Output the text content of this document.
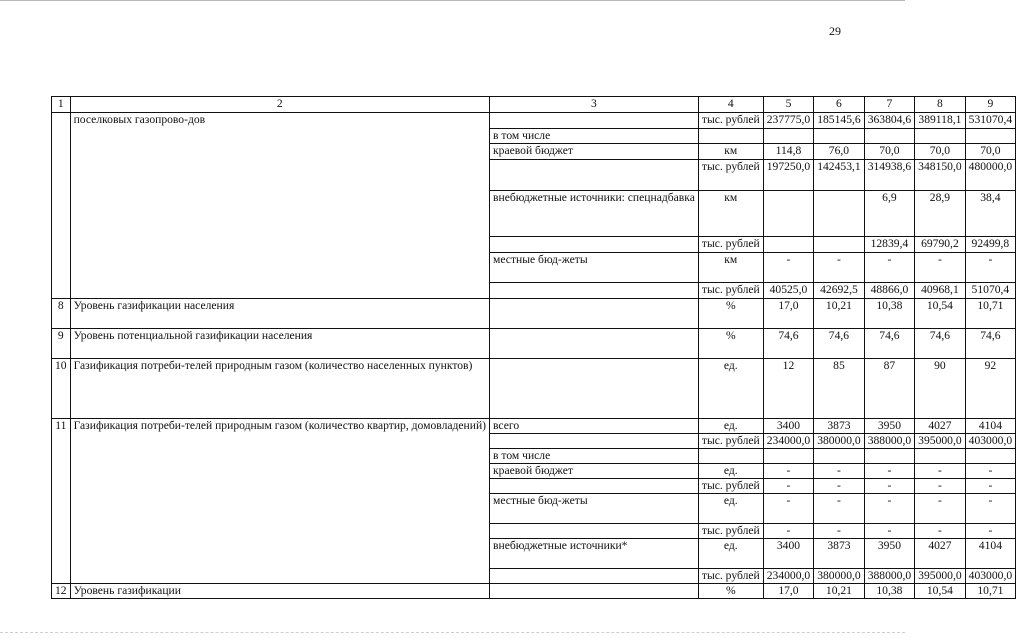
29
1	2	3	4	5	6	7	8	9
	поселковых газопрово-дов		тыс. рублей	237775,0	185145,6	363804,6	389118,1	531070,4
		в том числе						
		краевой бюджет	км	114,8	76,0	70,0	70,0	70,0
			тыс. рублей	197250,0	142453,1	314938,6	348150,0	480000,0
		внебюджетные источники: спецнадбавка	км			6,9	28,9	38,4
			тыс. рублей			12839,4	69790,2	92499,8
		местные бюд-жеты	км	-	-	-	-	-
			тыс. рублей	40525,0	42692,5	48866,0	40968,1	51070,4
8	Уровень газификации населения		%	17,0	10,21	10,38	10,54	10,71
9	Уровень потенциальной газификации населения		%	74,6	74,6	74,6	74,6	74,6
10	Газификация потреби-телей природным газом (количество населенных пунктов)		ед.	12	85	87	90	92
11	Газификация потреби-телей природным газом (количество квартир, домовладений)	всего	ед.	3400	3873	3950	4027	4104
			тыс. рублей	234000,0	380000,0	388000,0	395000,0	403000,0
		в том числе						
		краевой бюджет	ед.	-	-	-	-	-
			тыс. рублей	-	-	-	-	-
		местные бюд-жеты	ед.	-	-	-	-	-
			тыс. рублей	-	-	-	-	-
		внебюджетные источники*	ед.	3400	3873	3950	4027	4104
			тыс. рублей	234000,0	380000,0	388000,0	395000,0	403000,0
12	Уровень газификации		%	17,0	10,21	10,38	10,54	10,71
